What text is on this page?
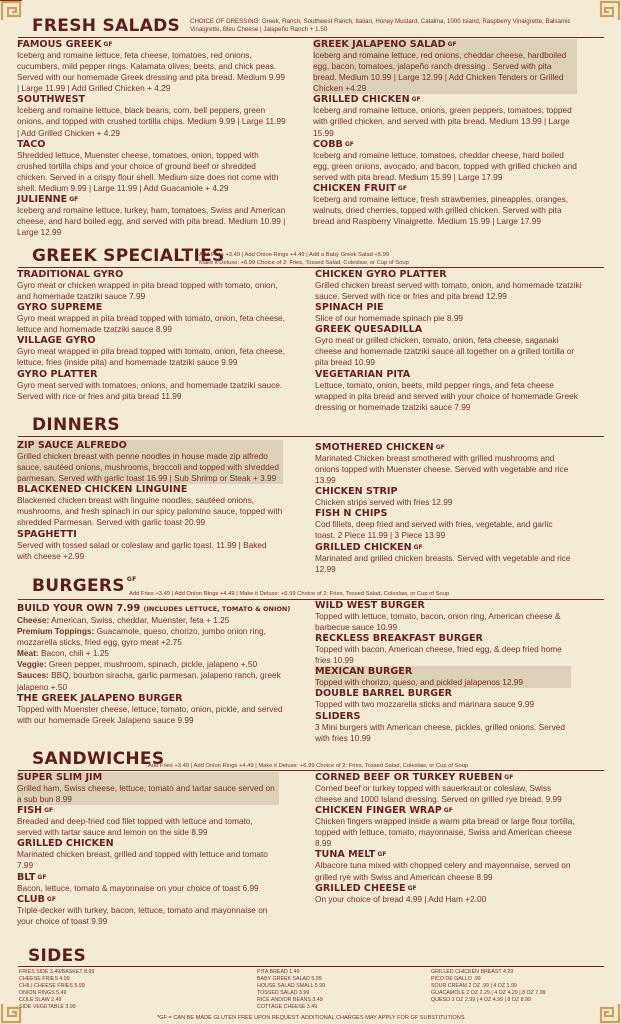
FRESH SALADS CHOICE OF DRESSING: Greek, Ranch, Southwest Ranch, Italian, Honey Mustard, Catalina, 1000 Island, Raspberry Vinaigrette, Balsamic Vinaigrette, Bleu Cheese | Jalapeño Ranch + 1.50
FAMOUS GREEK $^{GF}$
Iceberg and romaine lettuce, feta cheese, tomatoes, red onions, cucumbers, mild pepper rings. Kalamata olives, beets, and chick peas. Served with our homemade Greek dressing and pita bread. Medium 9.99 | Large 11.99 | Add Grilled Chicken + 4.29
SOUTHWEST
Iceberg and romaine lettuce, black beans, corn, bell peppers, green onions, and topped with crushed tortilla chips. Medium 9.99 | Large 11.99 | Add Grilled Chicken + 4.29
TACO
Shredded lettuce, Muenster cheese, tomatoes, onion, topped with crushed tortilla chips and your choice of ground beef or shredded chicken. Served in a crispy flour shell. Medium size does not come with shell. Medium 9.99 | Large 11.99 | Add Guacamole + 4.29
JULIENNE $^{GF}$
Iceberg and romaine lettuce, turkey, ham, tomatoes, Swiss and American cheese, and hard boiled egg, and served with pita bread. Medium 10.99 | Large 12.99
GREEK JALAPENO SALAD $^{GF}$
Iceberg and romaine lettuce, red onions, cheddar cheese, hardboiled egg, bacon, tomatoes, jalapeño ranch dressing . Served with pita bread. Medium 10.99 | Large 12.99 | Add Chicken Tenders or Grilled Chicken +4.29
GRILLED CHICKEN $^{GF}$
Iceberg and romaine lettuce, onions, green peppers, tomatoes, topped with grilled chicken, and served with pita bread. Medium 13.99 | Large 15.99
COBB $^{GF}$
Iceberg and romaine lettuce, tomatoes, cheddar cheese, hard boiled egg, green onions, avocado, and bacon, topped with grilled chicken and served with pita bread. Medium 15.99 | Large 17.99
CHICKEN FRUIT $^{GF}$
Iceberg and romaine lettuce, fresh strawberries, pineapples, oranges, walnuts, dried cherries, topped with grilled chicken. Served with pita bread and Raspberry Vinaigrette. Medium 15.99 | Large 17.99
GREEK SPECIALTIES
Add Fries +3.49 | Add Onion Rings +4.49 | Add a Baby Greek Salad +5.99
Make it Deluxe: +6.99 Choice of 2: Fries, Tossed Salad, Coleslaw, or Cup of Soup
TRADITIONAL GYRO
Gyro meat or chicken wrapped in pita bread topped with tomato, onion, and homemade tzatziki sauce 7.99
GYRO SUPREME
Gyro meat wrapped in pita bread topped with tomato, onion, feta cheese, lettuce and homemade tzatziki sauce 8.99
VILLAGE GYRO
Gyro meat wrapped in pita bread topped with tomato, onion, feta cheese, lettuce, fries (inside pita) and homemade tzatziki sauce 9.99
GYRO PLATTER
Gyro meat served with tomatoes, onions, and homemade tzatziki sauce. Served with rice or fries and pita bread 11.99
CHICKEN GYRO PLATTER
Grilled chicken breast served with tomato, onion, and homemade tzatziki sauce. Served with rice or fries and pita bread 12.99
SPINACH PIE
Slice of our homemade spinach pie 8.99
GREEK QUESADILLA
Gyro meat or grilled chicken, tomato, onion, feta cheese, saganaki cheese and homemade tzatziki sauce all together on a grilled tortilla or pita bread 10.99
VEGETARIAN PITA
Lettuce, tomato, onion, beets, mild pepper rings, and feta cheese wrapped in pita bread and served with your choice of homemade Greek dressing or homemade tzatziki sauce 7.99
DINNERS
ZIP SAUCE ALFREDO
Grilled chicken breast with penne noodles in house made zip alfredo sauce, sautéed onions, mushrooms, broccoli and topped with shredded parmesan. Served with garlic toast 16.99 | Sub Shrimp or Steak + 3.99
BLACKENED CHICKEN LINGUINE
Blackened chicken breast with linguine noodles, sautéed onions, mushrooms, and fresh spinach in our spicy palomino sauce, topped with shredded Parmesan. Served with garlic toast 20.99
SPAGHETTI
Served with tossed salad or coleslaw and garlic toast. 11.99 | Baked with cheese +2.99
SMOTHERED CHICKEN $^{GF}$
Marinated Chicken breast smothered with grilled mushrooms and onions topped with Muenster cheese. Served with vegetable and rice 13.99
CHICKEN STRIP
Chicken strips served with fries 12.99
FISH N CHIPS
Cod fillets, deep fried and served with fries, vegetable, and garlic toast. 2 Piece 11.99 | 3 Piece 13.99
GRILLED CHICKEN $^{GF}$
Marinated and grilled chicken breasts. Served with vegetable and rice 12.99
BURGERS $^{GF}$
Add Fries +3.49 | Add Onion Rings +4.49 | Make it Deluxe: +6.99 Choice of 2: Fries, Tossed Salad, Coleslaw, or Cup of Soup
BUILD YOUR OWN 7.99 (INCLUDES LETTUCE, TOMATO & ONION)
Cheese: American, Swiss, cheddar, Muenster, feta + 1.25
Premium Toppings: Guacamole, queso, chorizo, jumbo onion ring, mozzarella sticks, fried egg, gyro meat +2.75
Meat: Bacon, chili + 1.25
Veggie: Green pepper, mushroom, spinach, pickle, jalapeno +.50
Sauces: BBQ, bourbon siracha, garlic parmesan, jalapeno ranch, greek jalapeno +.50
THE GREEK JALAPENO BURGER
Topped with Muenster cheese, lettuce, tomato, onion, pickle, and served with our homemade Greek Jalapeno sauce 9.99
WILD WEST BURGER
Topped with lettuce, tomato, bacon, onion ring, American cheese & barbecue sauce 10.99
RECKLESS BREAKFAST BURGER
Topped with bacon, American cheese, fried egg, & deep fried home fries 10.99
MEXICAN BURGER
Topped with chorizo, queso, and pickled jalapenos 12.99
DOUBLE BARREL BURGER
Topped with two mozzarella sticks and marinara sauce 9.99
SLIDERS
3 Mini burgers with American cheese, pickles, grilled onions. Served with fries 10.99
SANDWICHES
Add Fries +3.49 | Add Onion Rings +4.49 | Make it Deluxe: +6.99 Choice of 2: Fries, Tossed Salad, Coleslaw, or Cup of Soup
SUPER SLIM JIM
Grilled ham, Swiss cheese, lettuce, tomato and tartar sauce served on a sub bun 8.99
FISH $^{GF}$
Breaded and deep-fried cod filet topped with lettuce and tomato, served with tartar sauce and lemon on the side 8.99
GRILLED CHICKEN
Marinated chicken breast, grilled and topped with lettuce and tomato 7.99
BLT $^{GF}$
Bacon, lettuce, tomato & mayonnaise on your choice of toast 6.99
CLUB $^{GF}$
Triple-decker with turkey, bacon, lettuce, tomato and mayonnaise on your choice of toast 9.99
CORNED BEEF OR TURKEY RUEBEN $^{GF}$
Corned beef or turkey topped with sauerkraut or coleslaw, Swiss cheese and 1000 Island dressing. Served on grilled rye bread. 9.99
CHICKEN FINGER WRAP $^{GF}$
Chicken fingers wrapped inside a warm pita bread or large flour tortilla, topped with lettuce, tomato, mayonnaise, Swiss and American cheese 8.99
TUNA MELT $^{GF}$
Albacore tuna mixed with chopped celery and mayonnaise, served on grilled rye with Swiss and American cheese 8.99
GRILLED CHEESE $^{GF}$
On your choice of bread 4.99 | Add Ham +2.00
SIDES
FRIES SIDE 3.49/BASKET 8.99
CHEESE FRIES 4.99
CHILI CHEESE FRIES 5.99
ONION RINGS 5.49
COLE SLAW 2.49
SIDE VEGETABLE 3.99
PITA BREAD 1.49
BABY GREEK SALAD 5.99
HOUSE SALAD SMALL 5.99
TOSSED SALAD 3.99
RICE AND/OR BEANS 3.49
COTTAGE CHEESE 3.49
GRILLED CHICKEN BREAST 4.29
PICO DE GALLO .99
SOUR CREAM 2 OZ .99 | 4 OZ 1.99
GUACAMOLE 2 OZ 2.29 | 4 OZ 4.29 | 8 OZ 7.99
QUESO 2 OZ 2.99 | 4 OZ 4.99 | 8 OZ 8.99
*GF = CAN BE MADE GLUTEN FREE UPON REQUEST. ADDITIONAL CHARGES MAY APPLY FOR GF SUBSTITUTIONS
